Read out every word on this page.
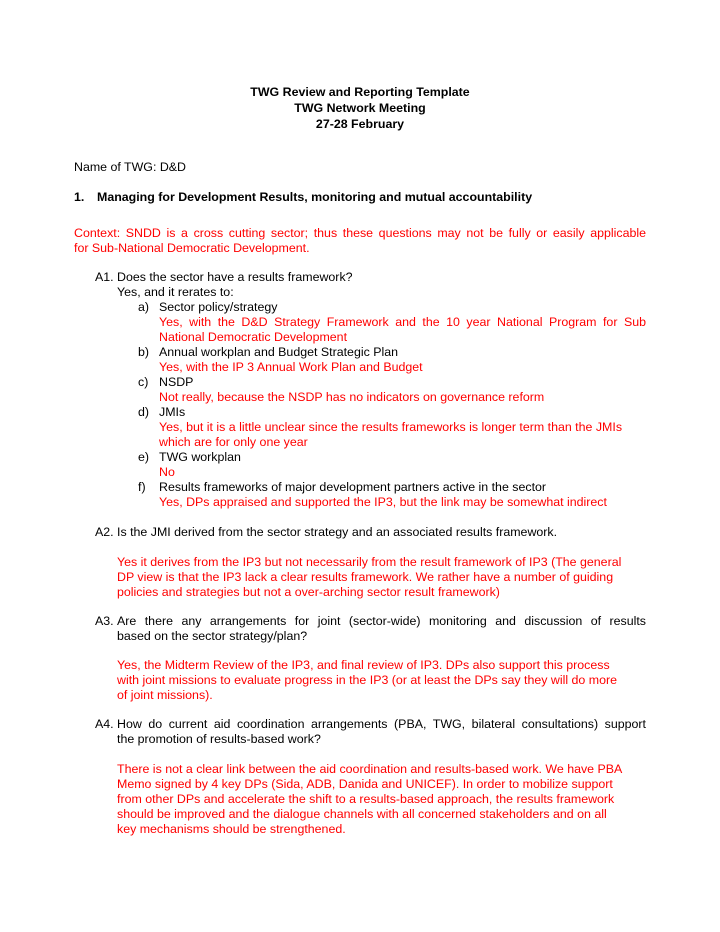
TWG Review and Reporting Template
TWG Network Meeting
27-28 February
Name of TWG: D&D
1. Managing for Development Results, monitoring and mutual accountability
Context: SNDD is a cross cutting sector; thus these questions may not be fully or easily applicable
for Sub-National Democratic Development.
A1. Does the sector have a results framework?
Yes, and it rerates to:
a) Sector policy/strategy
Yes, with the D&D Strategy Framework and the 10 year National Program for Sub
National Democratic Development
b) Annual workplan and Budget Strategic Plan
Yes, with the IP 3 Annual Work Plan and Budget
c) NSDP
Not really, because the NSDP has no indicators on governance reform
d) JMIs
Yes, but it is a little unclear since the results frameworks is longer term than the JMIs
which are for only one year
e) TWG workplan
No
f) Results frameworks of major development partners active in the sector
Yes, DPs appraised and supported the IP3, but the link may be somewhat indirect
A2. Is the JMI derived from the sector strategy and an associated results framework.
Yes it derives from the IP3 but not necessarily from the result framework of IP3 (The general
DP view is that the IP3 lack a clear results framework. We rather have a number of guiding
policies and strategies but not a over-arching sector result framework)
A3. Are there any arrangements for joint (sector-wide) monitoring and discussion of results
based on the sector strategy/plan?
Yes, the Midterm Review of the IP3, and final review of IP3. DPs also support this process
with joint missions to evaluate progress in the IP3 (or at least the DPs say they will do more
of joint missions).
A4. How do current aid coordination arrangements (PBA, TWG, bilateral consultations) support
the promotion of results-based work?
There is not a clear link between the aid coordination and results-based work. We have PBA
Memo signed by 4 key DPs (Sida, ADB, Danida and UNICEF). In order to mobilize support
from other DPs and accelerate the shift to a results-based approach, the results framework
should be improved and the dialogue channels with all concerned stakeholders and on all
key mechanisms should be strengthened.
